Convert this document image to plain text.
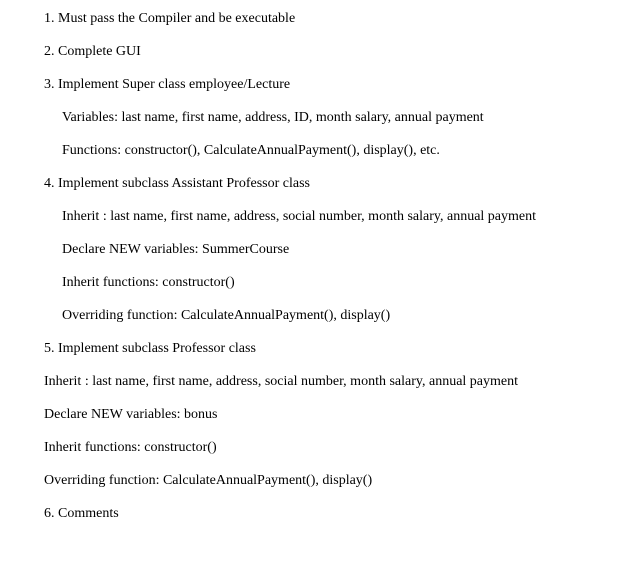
1. Must pass the Compiler and be executable
2. Complete GUI
3. Implement Super class employee/Lecture
Variables: last name, first name, address, ID, month salary, annual payment
Functions: constructor(), CalculateAnnualPayment(), display(), etc.
4. Implement subclass Assistant Professor class
Inherit : last name, first name, address, social number, month salary, annual payment
Declare NEW variables: SummerCourse
Inherit functions: constructor()
Overriding function: CalculateAnnualPayment(), display()
5. Implement subclass Professor class
Inherit : last name, first name, address, social number, month salary, annual payment
Declare NEW variables: bonus
Inherit functions: constructor()
Overriding function: CalculateAnnualPayment(), display()
6. Comments
